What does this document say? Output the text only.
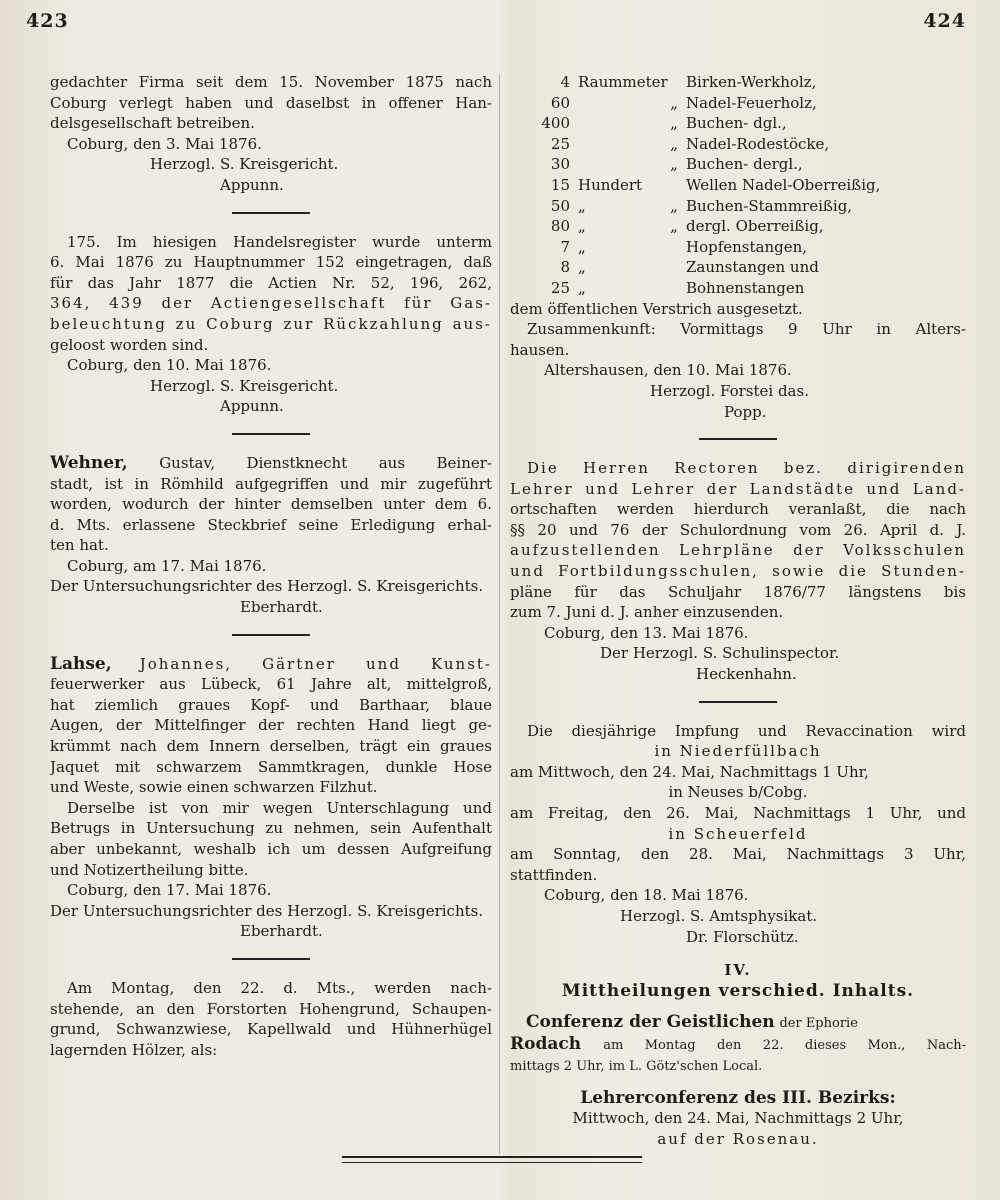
423	424
gedachter Firma seit dem 15. November 1875 nach
Coburg verlegt haben und daselbst in offener Han-
delsgesellschaft betreiben.
Coburg, den 3. Mai 1876.
Herzogl. S. Kreisgericht.
Appunn.
175. Im hiesigen Handelsregister wurde unterm
6. Mai 1876 zu Hauptnummer 152 eingetragen, daß
für das Jahr 1877 die Actien Nr. 52, 196, 262,
364, 439 der Actiengesellschaft für Gas-
beleuchtung zu Coburg zur Rückzahlung aus-
geloost worden sind.
Coburg, den 10. Mai 1876.
Herzogl. S. Kreisgericht.
Appunn.
Wehner, Gustav, Dienstknecht aus Beiner-
stadt, ist in Römhild aufgegriffen und mir zugeführt
worden, wodurch der hinter demselben unter dem 6.
d. Mts. erlassene Steckbrief seine Erledigung erhal-
ten hat.
Coburg, am 17. Mai 1876.
Der Untersuchungsrichter des Herzogl. S. Kreisgerichts.
Eberhardt.
Lahse, Johannes, Gärtner und Kunst-
feuerwerker aus Lübeck, 61 Jahre alt, mittelgroß,
hat ziemlich graues Kopf- und Barthaar, blaue
Augen, der Mittelfinger der rechten Hand liegt ge-
krümmt nach dem Innern derselben, trägt ein graues
Jaquet mit schwarzem Sammtkragen, dunkle Hose
und Weste, sowie einen schwarzen Filzhut.
Derselbe ist von mir wegen Unterschlagung und
Betrugs in Untersuchung zu nehmen, sein Aufenthalt
aber unbekannt, weshalb ich um dessen Aufgreifung
und Notizertheilung bitte.
Coburg, den 17. Mai 1876.
Der Untersuchungsrichter des Herzogl. S. Kreisgerichts.
Eberhardt.
Am Montag, den 22. d. Mts., werden nach-
stehende, an den Forstorten Hohengrund, Schaupen-
grund, Schwanzwiese, Kapellwald und Hühnerhügel
lagernden Hölzer, als:
4 Raummeter Birken-Werkholz,
60	„ Nadel-Feuerholz,
400	„ Buchen- dgl.,
25	„ Nadel-Rodestöcke,
30	„ Buchen- dergl.,
15 Hundert	Wellen Nadel-Oberreißig,
50 „	„ Buchen-Stammreißig,
80 „	„ dergl. Oberreißig,
7 „	Hopfenstangen,
8 „	Zaunstangen und
25 „	Bohnenstangen
dem öffentlichen Verstrich ausgesetzt.
Zusammenkunft: Vormittags 9 Uhr in Alters-
hausen.
Altershausen, den 10. Mai 1876.
Herzogl. Forstei das.
Popp.
Die Herren Rectoren bez. dirigirenden
Lehrer und Lehrer der Landstädte und Land-
ortschaften werden hierdurch veranlaßt, die nach
§§ 20 und 76 der Schulordnung vom 26. April d. J.
aufzustellenden Lehrpläne der Volksschulen
und Fortbildungsschulen, sowie die Stunden-
pläne für das Schuljahr 1876/77 längstens bis
zum 7. Juni d. J. anher einzusenden.
Coburg, den 13. Mai 1876.
Der Herzogl. S. Schulinspector.
Heckenhahn.
Die diesjährige Impfung und Revaccination wird
in Niederfüllbach
am Mittwoch, den 24. Mai, Nachmittags 1 Uhr,
in Neuses b/Cobg.
am Freitag, den 26. Mai, Nachmittags 1 Uhr, und
in Scheuerfeld
am Sonntag, den 28. Mai, Nachmittags 3 Uhr,
stattfinden.
Coburg, den 18. Mai 1876.
Herzogl. S. Amtsphysikat.
Dr. Florschütz.
IV.
Mittheilungen verschied. Inhalts.
Conferenz der Geistlichen der Ephorie
Rodach am Montag den 22. dieses Mon., Nach-
mittags 2 Uhr, im L. Götz'schen Local.
Lehrerconferenz des III. Bezirks:
Mittwoch, den 24. Mai, Nachmittags 2 Uhr,
auf der Rosenau.
